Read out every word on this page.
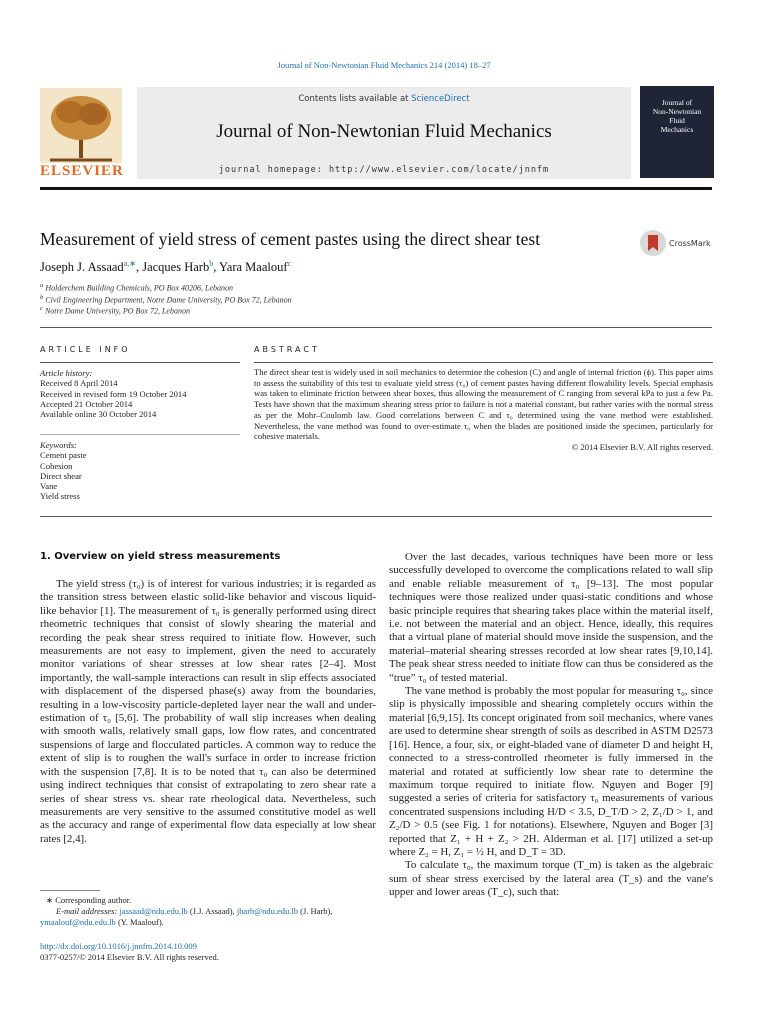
Journal of Non-Newtonian Fluid Mechanics 214 (2014) 18–27
ELSEVIER
Contents lists available at ScienceDirect
Journal of Non-Newtonian Fluid Mechanics
journal homepage: http://www.elsevier.com/locate/jnnfm
Journal of
Non-Newtonian
Fluid
Mechanics
Measurement of yield stress of cement pastes using the direct shear test	CrossMark
Joseph J. Assaad$^{a,∗}$, Jacques Harb$^b$, Yara Maalouf$^c$
$^a$ Holderchem Building Chemicals, PO Box 40206, Lebanon
$^b$ Civil Engineering Department, Notre Dame University, PO Box 72, Lebanon
$^c$ Notre Dame University, PO Box 72, Lebanon
ARTICLE INFO
Article history:
Received 8 April 2014
Received in revised form 19 October 2014
Accepted 21 October 2014
Available online 30 October 2014
Keywords:
Cement paste
Cohesion
Direct shear
Vane
Yield stress
ABSTRACT
The direct shear test is widely used in soil mechanics to determine the cohesion (C) and angle of internal friction (ϕ). This paper aims to assess the suitability of this test to evaluate yield stress (τ₀) of cement pastes having different flowability levels. Special emphasis was taken to eliminate friction between shear boxes, thus allowing the measurement of C ranging from several kPa to just a few Pa. Tests have shown that the maximum shearing stress prior to failure is not a material constant, but rather varies with the normal stress as per the Mohr–Coulomb law. Good correlations between C and τ₀ determined using the vane method were established. Nevertheless, the vane method was found to over-estimate τ₀ when the blades are positioned inside the specimen, particularly for cohesive materials.
© 2014 Elsevier B.V. All rights reserved.
1. Overview on yield stress measurements

The yield stress (τ₀) is of interest for various industries; it is regarded as the transition stress between elastic solid-like behavior and viscous liquid-like behavior [1]. The measurement of τ₀ is generally performed using direct rheometric techniques that consist of slowly shearing the material and recording the peak shear stress required to initiate flow. However, such measurements are not easy to implement, given the need to accurately monitor variations of shear stresses at low shear rates [2–4]. Most importantly, the wall-sample interactions can result in slip effects associated with displacement of the dispersed phase(s) away from the boundaries, resulting in a low-viscosity particle-depleted layer near the wall and under-estimation of τ₀ [5,6]. The probability of wall slip increases when dealing with smooth walls, relatively small gaps, low flow rates, and concentrated suspensions of large and flocculated particles. A common way to reduce the extent of slip is to roughen the wall's surface in order to increase friction with the suspension [7,8]. It is to be noted that τ₀ can also be determined using indirect techniques that consist of extrapolating to zero shear rate a series of shear stress vs. shear rate rheological data. Nevertheless, such measurements are very sensitive to the assumed constitutive model as well as the accuracy and range of experimental flow data especially at low shear rates [2,4].

Over the last decades, various techniques have been more or less successfully developed to overcome the complications related to wall slip and enable reliable measurement of τ₀ [9–13]. The most popular techniques were those realized under quasi-static conditions and whose basic principle requires that shearing takes place within the material itself, i.e. not between the material and an object. Hence, ideally, this requires that a virtual plane of material should move inside the suspension, and the material–material shearing stresses recorded at low shear rates [9,10,14]. The peak shear stress needed to initiate flow can thus be considered as the “true” τ₀ of tested material.

The vane method is probably the most popular for measuring τ₀, since slip is physically impossible and shearing completely occurs within the material [6,9,15]. Its concept originated from soil mechanics, where vanes are used to determine shear strength of soils as described in ASTM D2573 [16]. Hence, a four, six, or eight-bladed vane of diameter D and height H, connected to a stress-controlled rheometer is fully immersed in the material and rotated at sufficiently low shear rate to determine the maximum torque required to initiate flow. Nguyen and Boger [9] suggested a series of criteria for satisfactory τ₀ measurements of various concentrated suspensions including H/D < 3.5, D_T/D > 2, Z₁/D > 1, and Z₂/D > 0.5 (see Fig. 1 for notations). Elsewhere, Nguyen and Boger [3] reported that Z₁ + H + Z₂ > 2H. Alderman et al. [17] utilized a set-up where Z₂ = H, Z₁ = ½ H, and D_T = 3D.

To calculate τ₀, the maximum torque (T_m) is taken as the algebraic sum of shear stress exercised by the lateral area (T_s) and the vane's upper and lower areas (T_c), such that:

∗ Corresponding author.
E-mail addresses: jassaad@ndu.edu.lb (J.J. Assaad), jharb@ndu.edu.lb (J. Harb), ymaalouf@ndu.edu.lb (Y. Maalouf).
http://dx.doi.org/10.1016/j.jnnfm.2014.10.009
0377-0257/© 2014 Elsevier B.V. All rights reserved.
